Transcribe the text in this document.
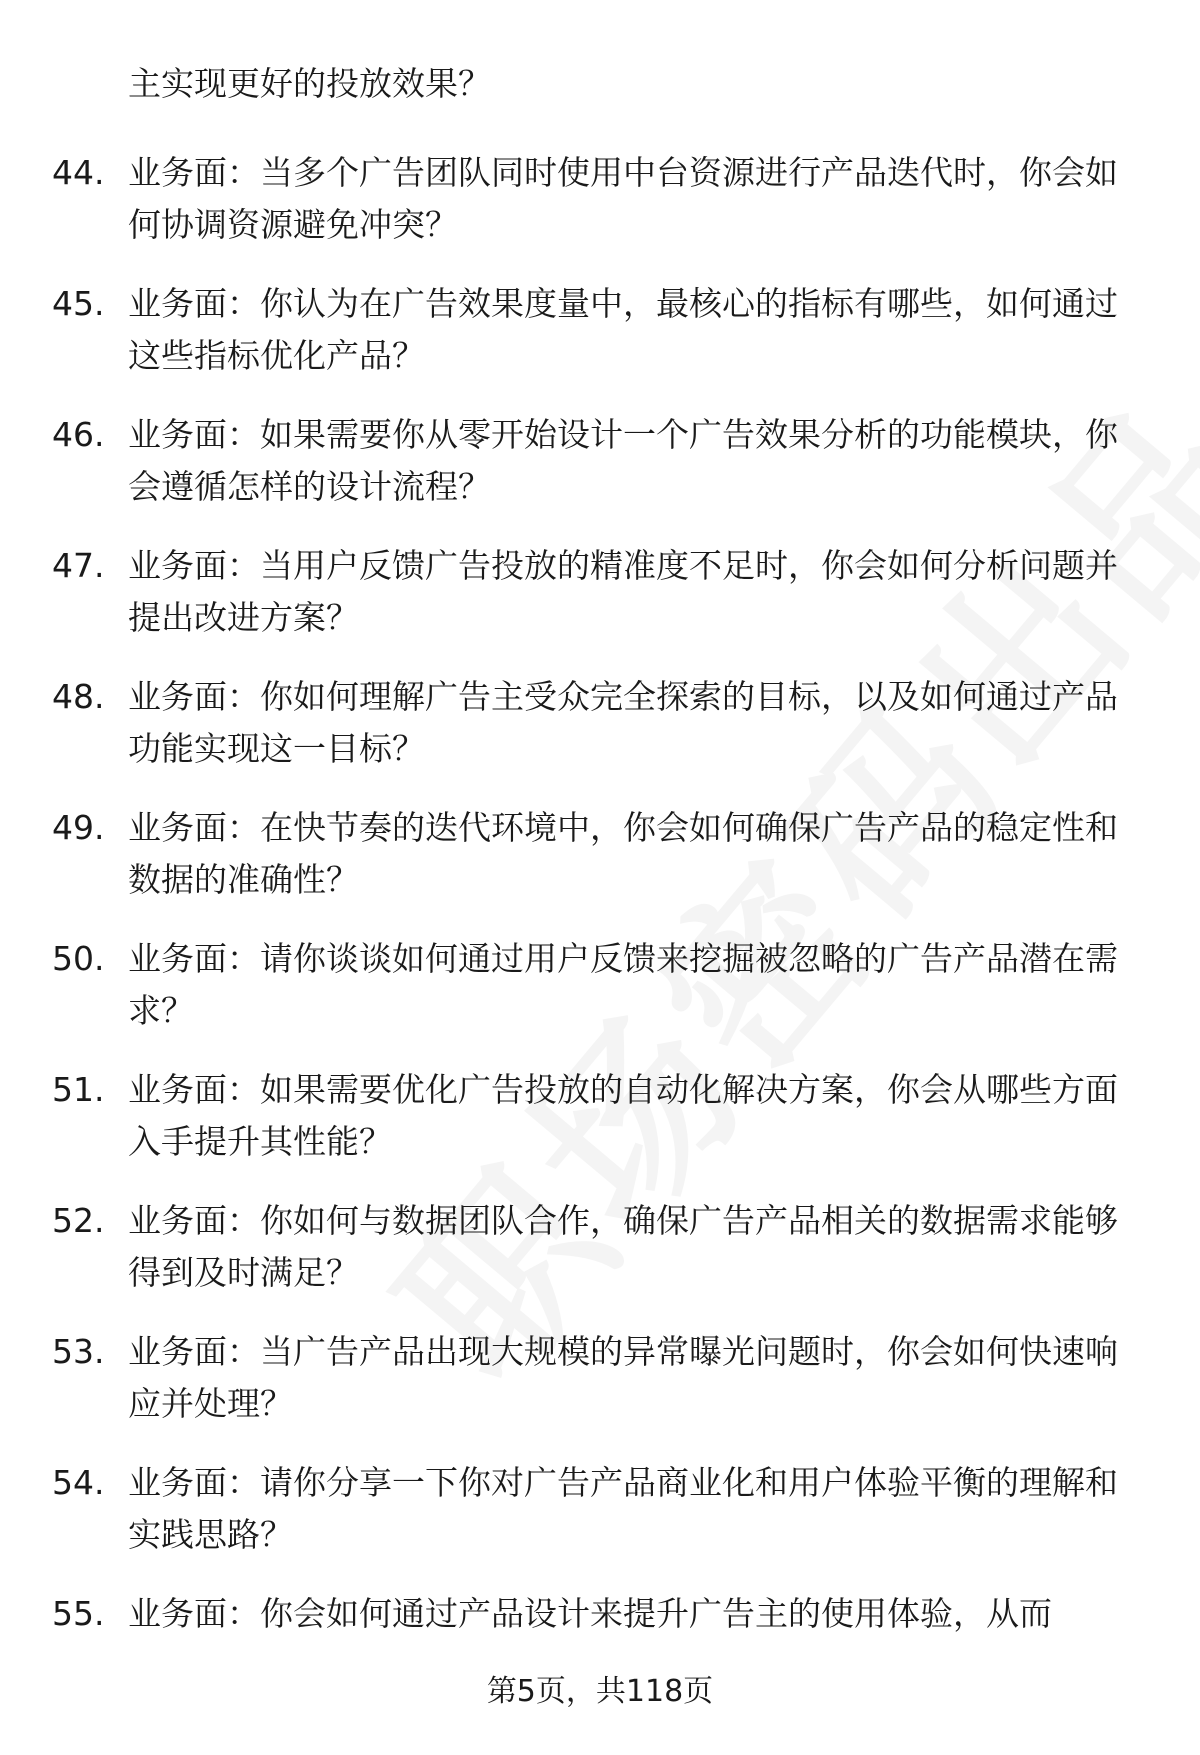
主实现更好的投放效果？

44. 业务面：当多个广告团队同时使用中台资源进行产品迭代时，你会如何协调资源避免冲突？

45. 业务面：你认为在广告效果度量中，最核心的指标有哪些，如何通过这些指标优化产品？

46. 业务面：如果需要你从零开始设计一个广告效果分析的功能模块，你会遵循怎样的设计流程？

47. 业务面：当用户反馈广告投放的精准度不足时，你会如何分析问题并提出改进方案？

48. 业务面：你如何理解广告主受众完全探索的目标，以及如何通过产品功能实现这一目标？

49. 业务面：在快节奏的迭代环境中，你会如何确保广告产品的稳定性和数据的准确性？

50. 业务面：请你谈谈如何通过用户反馈来挖掘被忽略的广告产品潜在需求？

51. 业务面：如果需要优化广告投放的自动化解决方案，你会从哪些方面入手提升其性能？

52. 业务面：你如何与数据团队合作，确保广告产品相关的数据需求能够得到及时满足？

53. 业务面：当广告产品出现大规模的异常曝光问题时，你会如何快速响应并处理？

54. 业务面：请你分享一下你对广告产品商业化和用户体验平衡的理解和实践思路？

55. 业务面：你会如何通过产品设计来提升广告主的使用体验，从而

第5页，共118页
